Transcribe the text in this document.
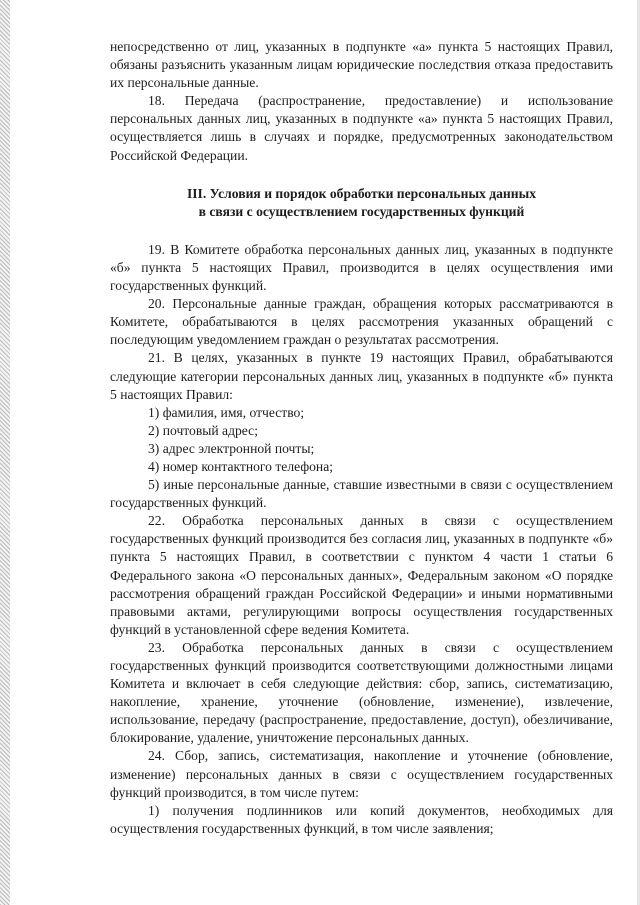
непосредственно от лиц, указанных в подпункте «а» пункта 5 настоящих Правил, обязаны разъяснить указанным лицам юридические последствия отказа предоставить их персональные данные.

18. Передача (распространение, предоставление) и использование персональных данных лиц, указанных в подпункте «а» пункта 5 настоящих Правил, осуществляется лишь в случаях и порядке, предусмотренных законодательством Российской Федерации.

III. Условия и порядок обработки персональных данных
в связи с осуществлением государственных функций

19. В Комитете обработка персональных данных лиц, указанных в подпункте «б» пункта 5 настоящих Правил, производится в целях осуществления ими государственных функций.

20. Персональные данные граждан, обращения которых рассматриваются в Комитете, обрабатываются в целях рассмотрения указанных обращений с последующим уведомлением граждан о результатах рассмотрения.

21. В целях, указанных в пункте 19 настоящих Правил, обрабатываются следующие категории персональных данных лиц, указанных в подпункте «б» пункта 5 настоящих Правил:

1) фамилия, имя, отчество;

2) почтовый адрес;

3) адрес электронной почты;

4) номер контактного телефона;

5) иные персональные данные, ставшие известными в связи с осуществлением государственных функций.

22. Обработка персональных данных в связи с осуществлением государственных функций производится без согласия лиц, указанных в подпункте «б» пункта 5 настоящих Правил, в соответствии с пунктом 4 части 1 статьи 6 Федерального закона «О персональных данных», Федеральным законом «О порядке рассмотрения обращений граждан Российской Федерации» и иными нормативными правовыми актами, регулирующими вопросы осуществления государственных функций в установленной сфере ведения Комитета.

23. Обработка персональных данных в связи с осуществлением государственных функций производится соответствующими должностными лицами Комитета и включает в себя следующие действия: сбор, запись, систематизацию, накопление, хранение, уточнение (обновление, изменение), извлечение, использование, передачу (распространение, предоставление, доступ), обезличивание, блокирование, удаление, уничтожение персональных данных.

24. Сбор, запись, систематизация, накопление и уточнение (обновление, изменение) персональных данных в связи с осуществлением государственных функций производится, в том числе путем:

1) получения подлинников или копий документов, необходимых для осуществления государственных функций, в том числе заявления;
